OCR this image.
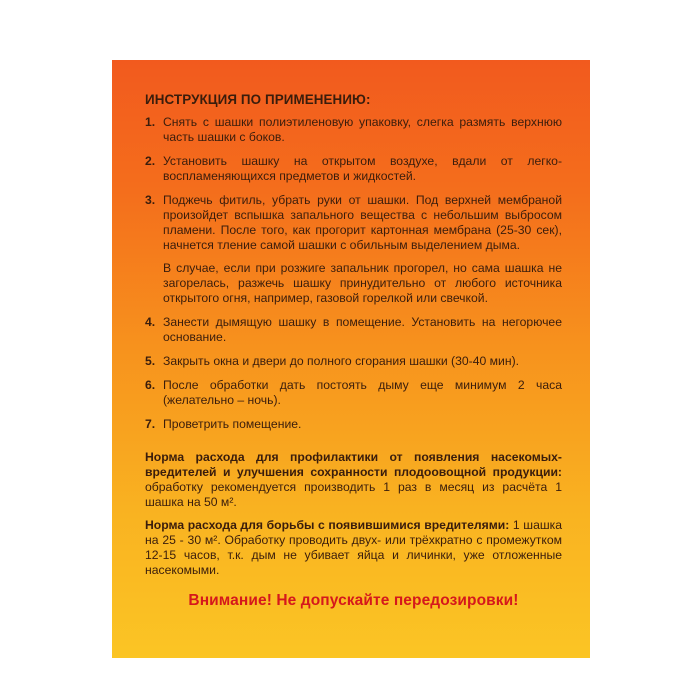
ИНСТРУКЦИЯ ПО ПРИМЕНЕНИЮ:
1. Снять с шашки полиэтиленовую упаковку, слегка размять верхнюю часть шашки с боков.
2. Установить шашку на открытом воздухе, вдали от легко-воспламеняющихся предметов и жидкостей.
3. Поджечь фитиль, убрать руки от шашки. Под верхней мембраной произойдет вспышка запального вещества с небольшим выбросом пламени. После того, как прогорит картонная мембрана (25-30 сек), начнется тление самой шашки с обильным выделением дыма.
В случае, если при розжиге запальник прогорел, но сама шашка не загорелась, разжечь шашку принудительно от любого источника открытого огня, например, газовой горелкой или свечкой.
4. Занести дымящую шашку в помещение. Установить на негорючее основание.
5. Закрыть окна и двери до полного сгорания шашки (30-40 мин).
6. После обработки дать постоять дыму еще минимум 2 часа (желательно – ночь).
7. Проветрить помещение.

Норма расхода для профилактики от появления насекомых-вредителей и улучшения сохранности плодоовощной продукции: обработку рекомендуется производить 1 раз в месяц из расчёта 1 шашка на 50 м².

Норма расхода для борьбы с появившимися вредителями: 1 шашка на 25 - 30 м². Обработку проводить двух- или трёхкратно с промежутком 12-15 часов, т.к. дым не убивает яйца и личинки, уже отложенные насекомыми.

Внимание! Не допускайте передозировки!
